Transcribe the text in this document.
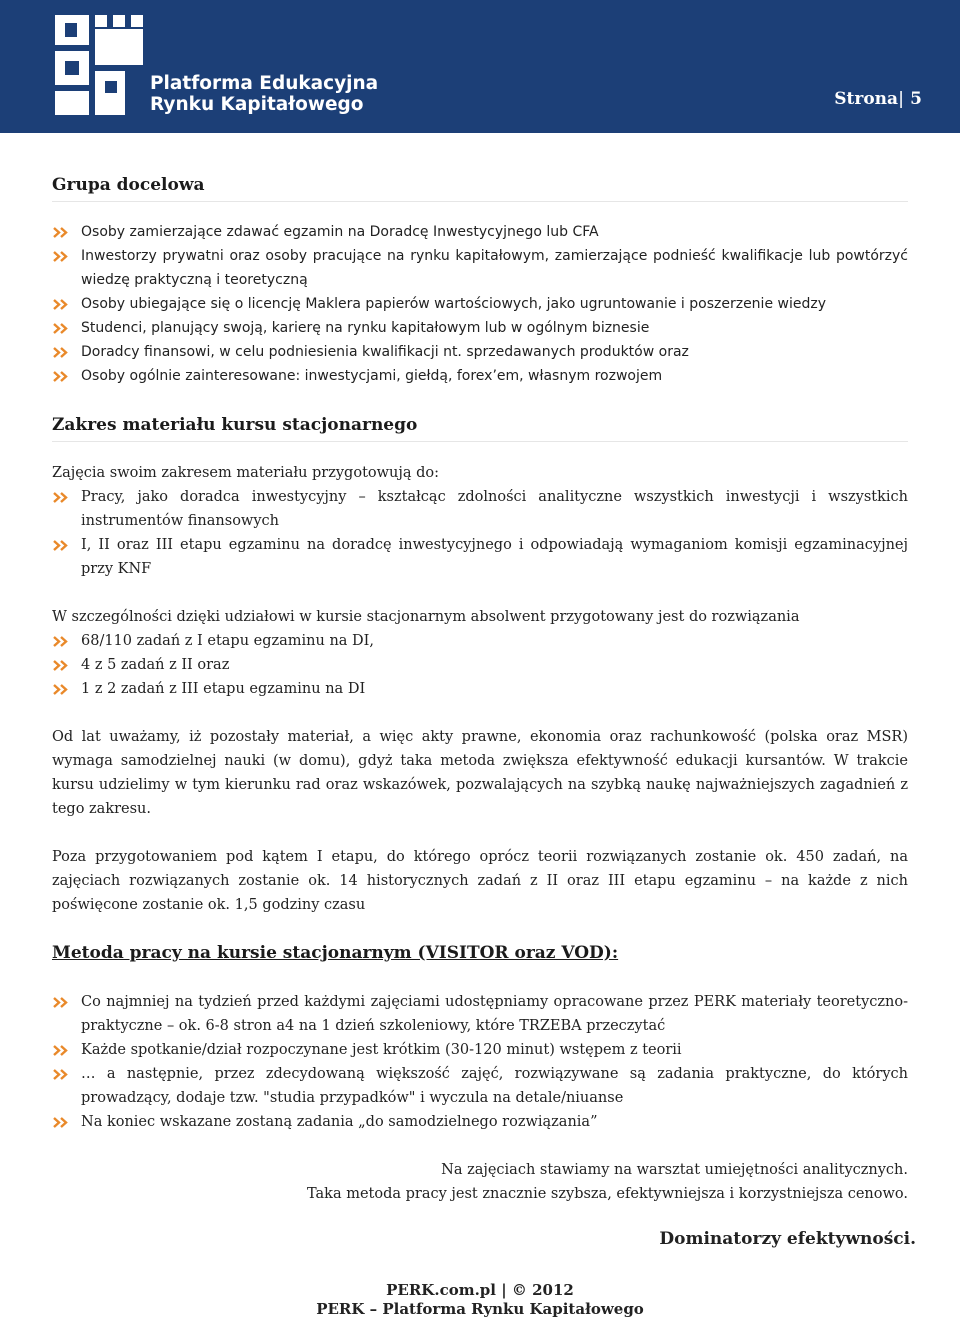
Platforma Edukacyjna
Rynku Kapitałowego	Strona| 5
Grupa docelowa
Osoby zamierzające zdawać egzamin na Doradcę Inwestycyjnego lub CFA
Inwestorzy prywatni oraz osoby pracujące na rynku kapitałowym, zamierzające podnieść kwalifikacje lub powtórzyć wiedzę praktyczną i teoretyczną
Osoby ubiegające się o licencję Maklera papierów wartościowych, jako ugruntowanie i poszerzenie wiedzy
Studenci, planujący swoją, karierę na rynku kapitałowym lub w ogólnym biznesie
Doradcy finansowi, w celu podniesienia kwalifikacji nt. sprzedawanych produktów oraz
Osoby ogólnie zainteresowane: inwestycjami, giełdą, forex’em, własnym rozwojem
Zakres materiału kursu stacjonarnego

Zajęcia swoim zakresem materiału przygotowują do:

Pracy, jako doradca inwestycyjny – kształcąc zdolności analityczne wszystkich inwestycji i wszystkich instrumentów finansowych
I, II oraz III etapu egzaminu na doradcę inwestycyjnego i odpowiadają wymaganiom komisji egzaminacyjnej przy KNF

W szczególności dzięki udziałowi w kursie stacjonarnym absolwent przygotowany jest do rozwiązania

68/110 zadań z I etapu egzaminu na DI,
4 z 5 zadań z II oraz
1 z 2 zadań z III etapu egzaminu na DI

Od lat uważamy, iż pozostały materiał, a więc akty prawne, ekonomia oraz rachunkowość (polska oraz MSR) wymaga samodzielnej nauki (w domu), gdyż taka metoda zwiększa efektywność edukacji kursantów. W trakcie kursu udzielimy w tym kierunku rad oraz wskazówek, pozwalających na szybką naukę najważniejszych zagadnień z tego zakresu.

Poza przygotowaniem pod kątem I etapu, do którego oprócz teorii rozwiązanych zostanie ok. 450 zadań, na zajęciach rozwiązanych zostanie ok. 14 historycznych zadań z II oraz III etapu egzaminu – na każde z nich poświęcone zostanie ok. 1,5 godziny czasu

Metoda pracy na kursie stacjonarnym (VISITOR oraz VOD):
Co najmniej na tydzień przed każdymi zajęciami udostępniamy opracowane przez PERK materiały teoretyczno-praktyczne – ok. 6-8 stron a4 na 1 dzień szkoleniowy, które TRZEBA przeczytać
Każde spotkanie/dział rozpoczynane jest krótkim (30-120 minut) wstępem z teorii
… a następnie, przez zdecydowaną większość zajęć, rozwiązywane są zadania praktyczne, do których prowadzący, dodaje tzw. "studia przypadków" i wyczula na detale/niuanse
Na koniec wskazane zostaną zadania „do samodzielnego rozwiązania”

Na zajęciach stawiamy na warsztat umiejętności analitycznych.

Taka metoda pracy jest znacznie szybsza, efektywniejsza i korzystniejsza cenowo.

Dominatorzy efektywności.
PERK.com.pl | © 2012
PERK – Platforma Rynku Kapitałowego
